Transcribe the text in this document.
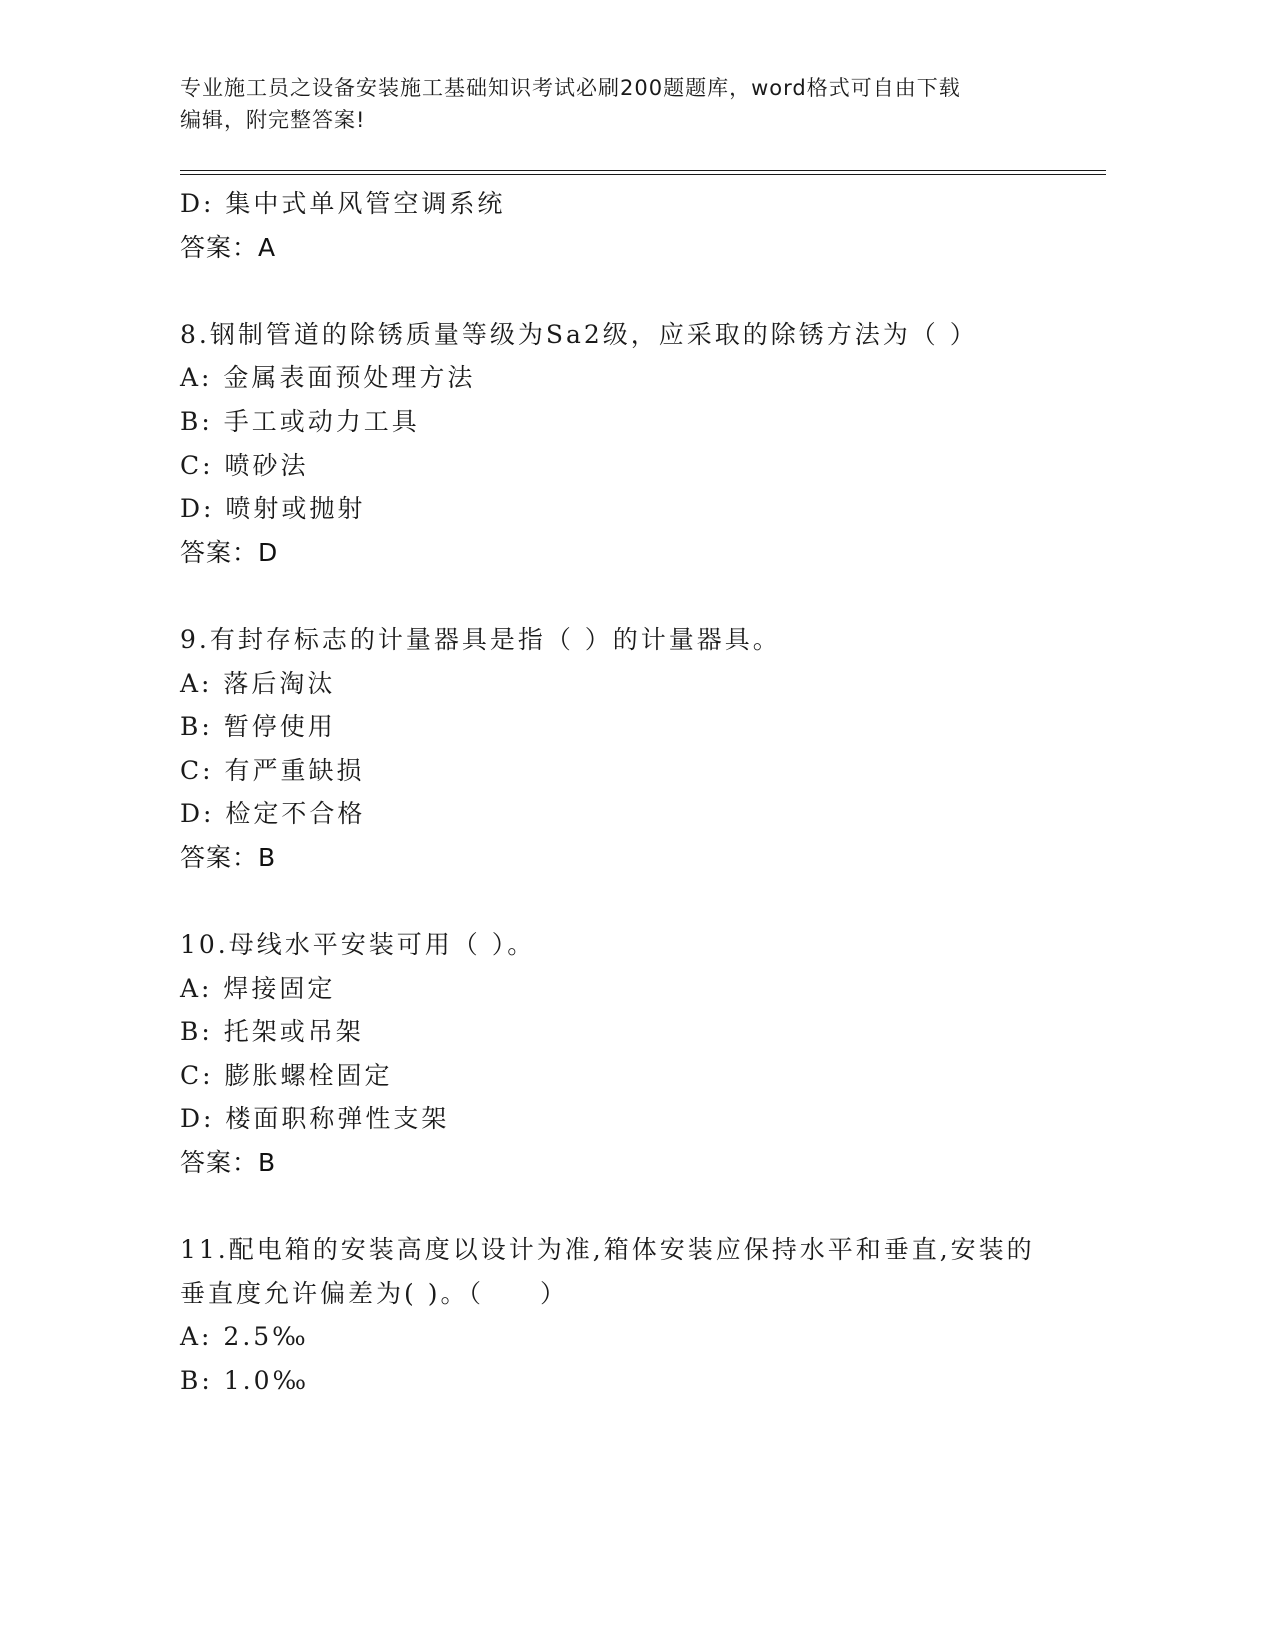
专业施工员之设备安装施工基础知识考试必刷200题题库，word格式可自由下载
编辑，附完整答案!
D: 集中式单风管空调系统
答案：A
8.钢制管道的除锈质量等级为Sa2级，应采取的除锈方法为（ ）
A: 金属表面预处理方法
B: 手工或动力工具
C: 喷砂法
D: 喷射或抛射
答案：D
9.有封存标志的计量器具是指（ ）的计量器具。
A: 落后淘汰
B: 暂停使用
C: 有严重缺损
D: 检定不合格
答案：B
10.母线水平安装可用（ ）。
A: 焊接固定
B: 托架或吊架
C: 膨胀螺栓固定
D: 楼面职称弹性支架
答案：B
11.配电箱的安装高度以设计为准,箱体安装应保持水平和垂直,安装的
垂直度允许偏差为( )。（　　）
A: 2.5‰
B: 1.0‰
